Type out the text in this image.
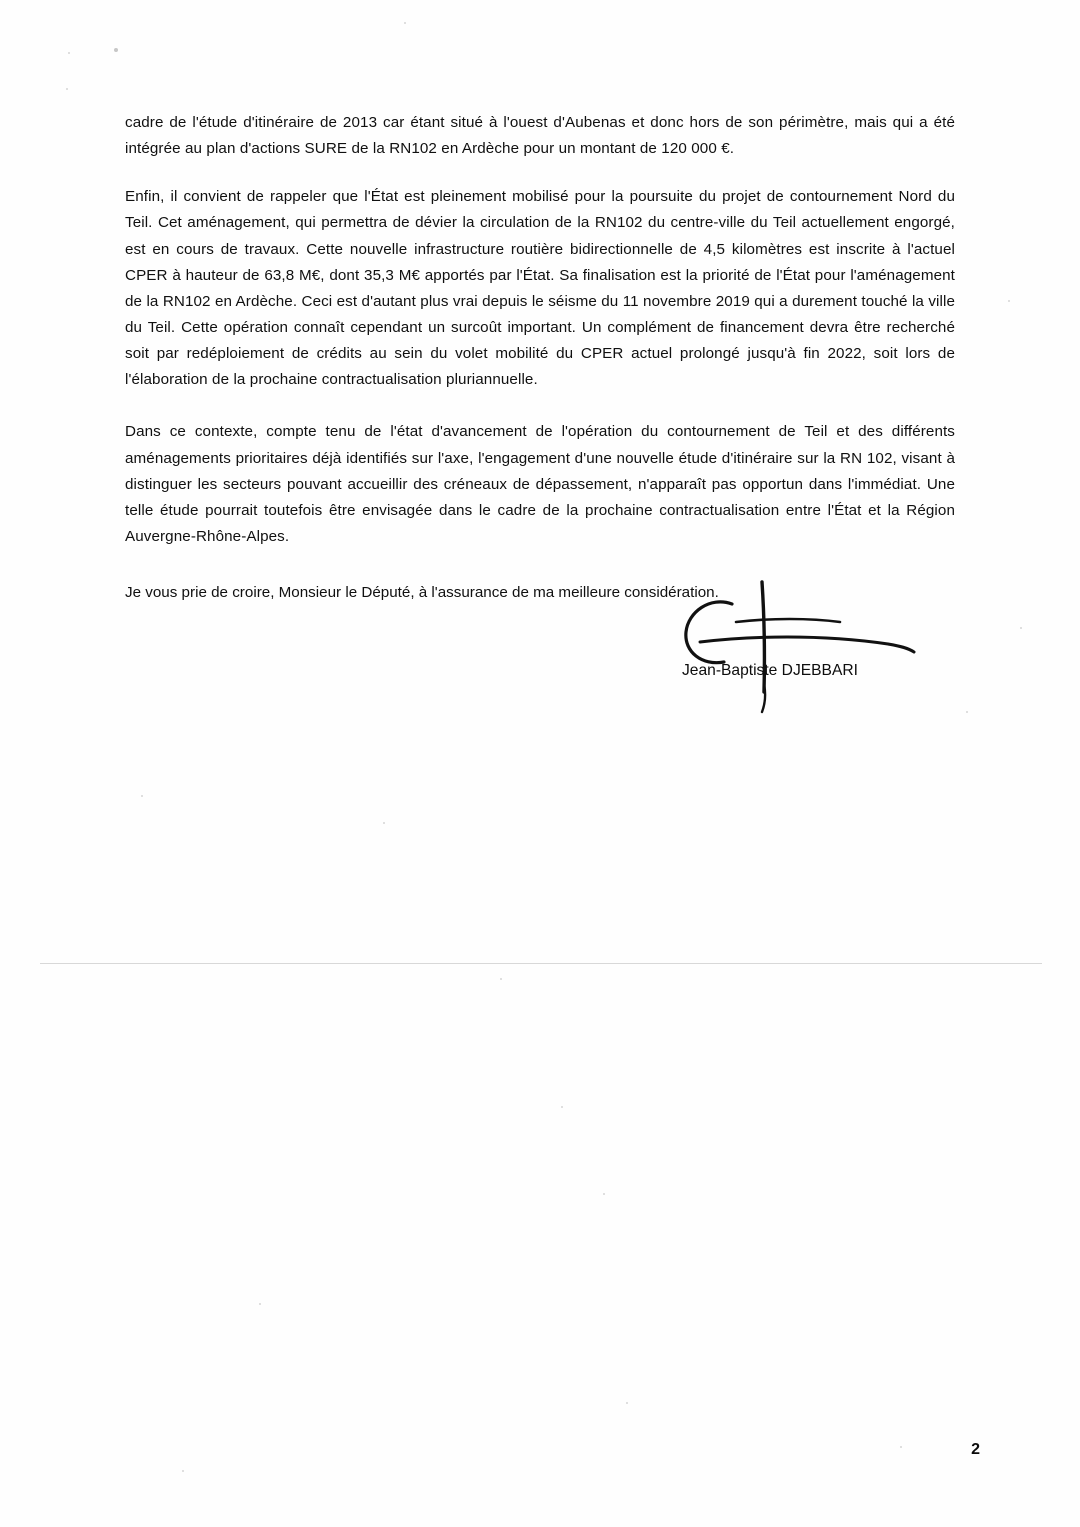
cadre de l'étude d'itinéraire de 2013 car étant situé à l'ouest d'Aubenas et donc hors de son périmètre, mais qui a été intégrée au plan d'actions SURE de la RN102 en Ardèche pour un montant de 120 000 €.

Enfin, il convient de rappeler que l'État est pleinement mobilisé pour la poursuite du projet de contournement Nord du Teil. Cet aménagement, qui permettra de dévier la circulation de la RN102 du centre-ville du Teil actuellement engorgé, est en cours de travaux. Cette nouvelle infrastructure routière bidirectionnelle de 4,5 kilomètres est inscrite à l'actuel CPER à hauteur de 63,8 M€, dont 35,3 M€ apportés par l'État. Sa finalisation est la priorité de l'État pour l'aménagement de la RN102 en Ardèche. Ceci est d'autant plus vrai depuis le séisme du 11 novembre 2019 qui a durement touché la ville du Teil. Cette opération connaît cependant un surcoût important. Un complément de financement devra être recherché soit par redéploiement de crédits au sein du volet mobilité du CPER actuel prolongé jusqu'à fin 2022, soit lors de l'élaboration de la prochaine contractualisation pluriannuelle.

Dans ce contexte, compte tenu de l'état d'avancement de l'opération du contournement de Teil et des différents aménagements prioritaires déjà identifiés sur l'axe, l'engagement d'une nouvelle étude d'itinéraire sur la RN 102, visant à distinguer les secteurs pouvant accueillir des créneaux de dépassement, n'apparaît pas opportun dans l'immédiat. Une telle étude pourrait toutefois être envisagée dans le cadre de la prochaine contractualisation entre l'État et la Région Auvergne-Rhône-Alpes.

Je vous prie de croire, Monsieur le Député, à l'assurance de ma meilleure considération.

Jean-Baptiste DJEBBARI
2
